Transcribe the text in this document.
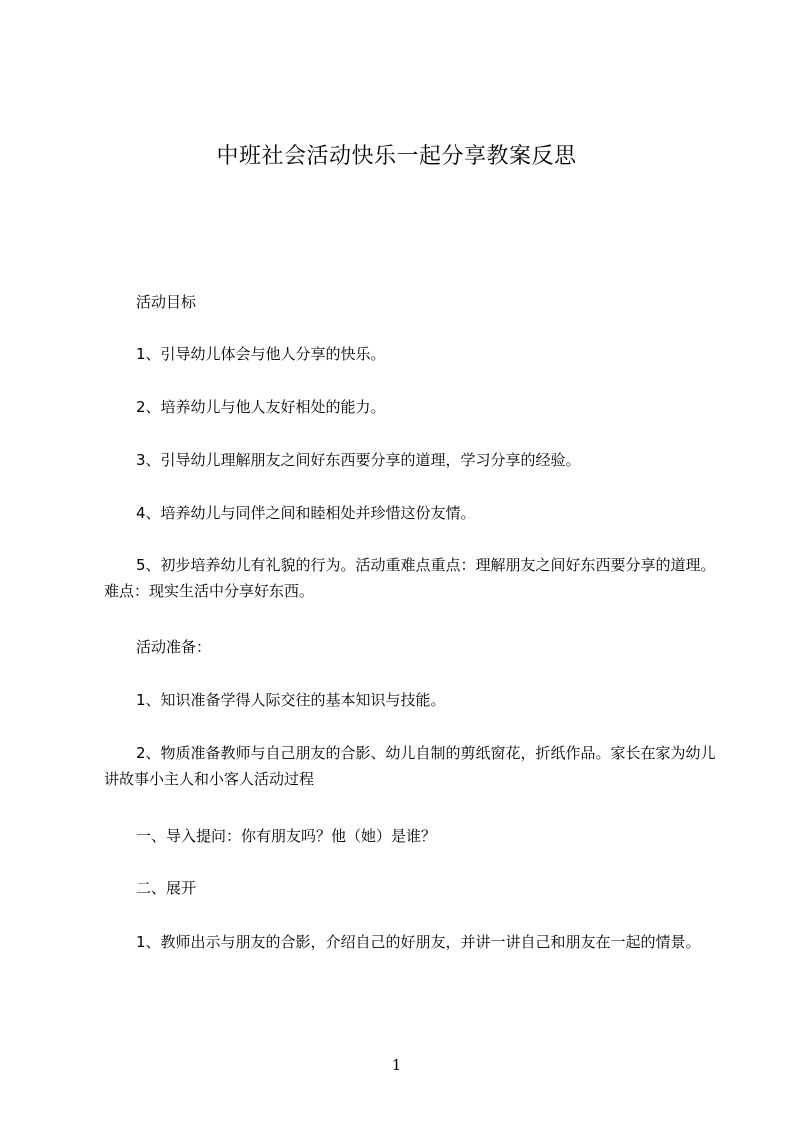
中班社会活动快乐一起分享教案反思

活动目标

1、引导幼儿体会与他人分享的快乐。

2、培养幼儿与他人友好相处的能力。

3、引导幼儿理解朋友之间好东西要分享的道理，学习分享的经验。

4、培养幼儿与同伴之间和睦相处并珍惜这份友情。

5、初步培养幼儿有礼貌的行为。活动重难点重点：理解朋友之间好东西要分享的道理。难点：现实生活中分享好东西。

活动准备：

1、知识准备学得人际交往的基本知识与技能。

2、物质准备教师与自己朋友的合影、幼儿自制的剪纸窗花，折纸作品。家长在家为幼儿讲故事小主人和小客人活动过程

一、导入提问：你有朋友吗？他（她）是谁？

二、展开

1、教师出示与朋友的合影，介绍自己的好朋友，并讲一讲自己和朋友在一起的情景。

1
